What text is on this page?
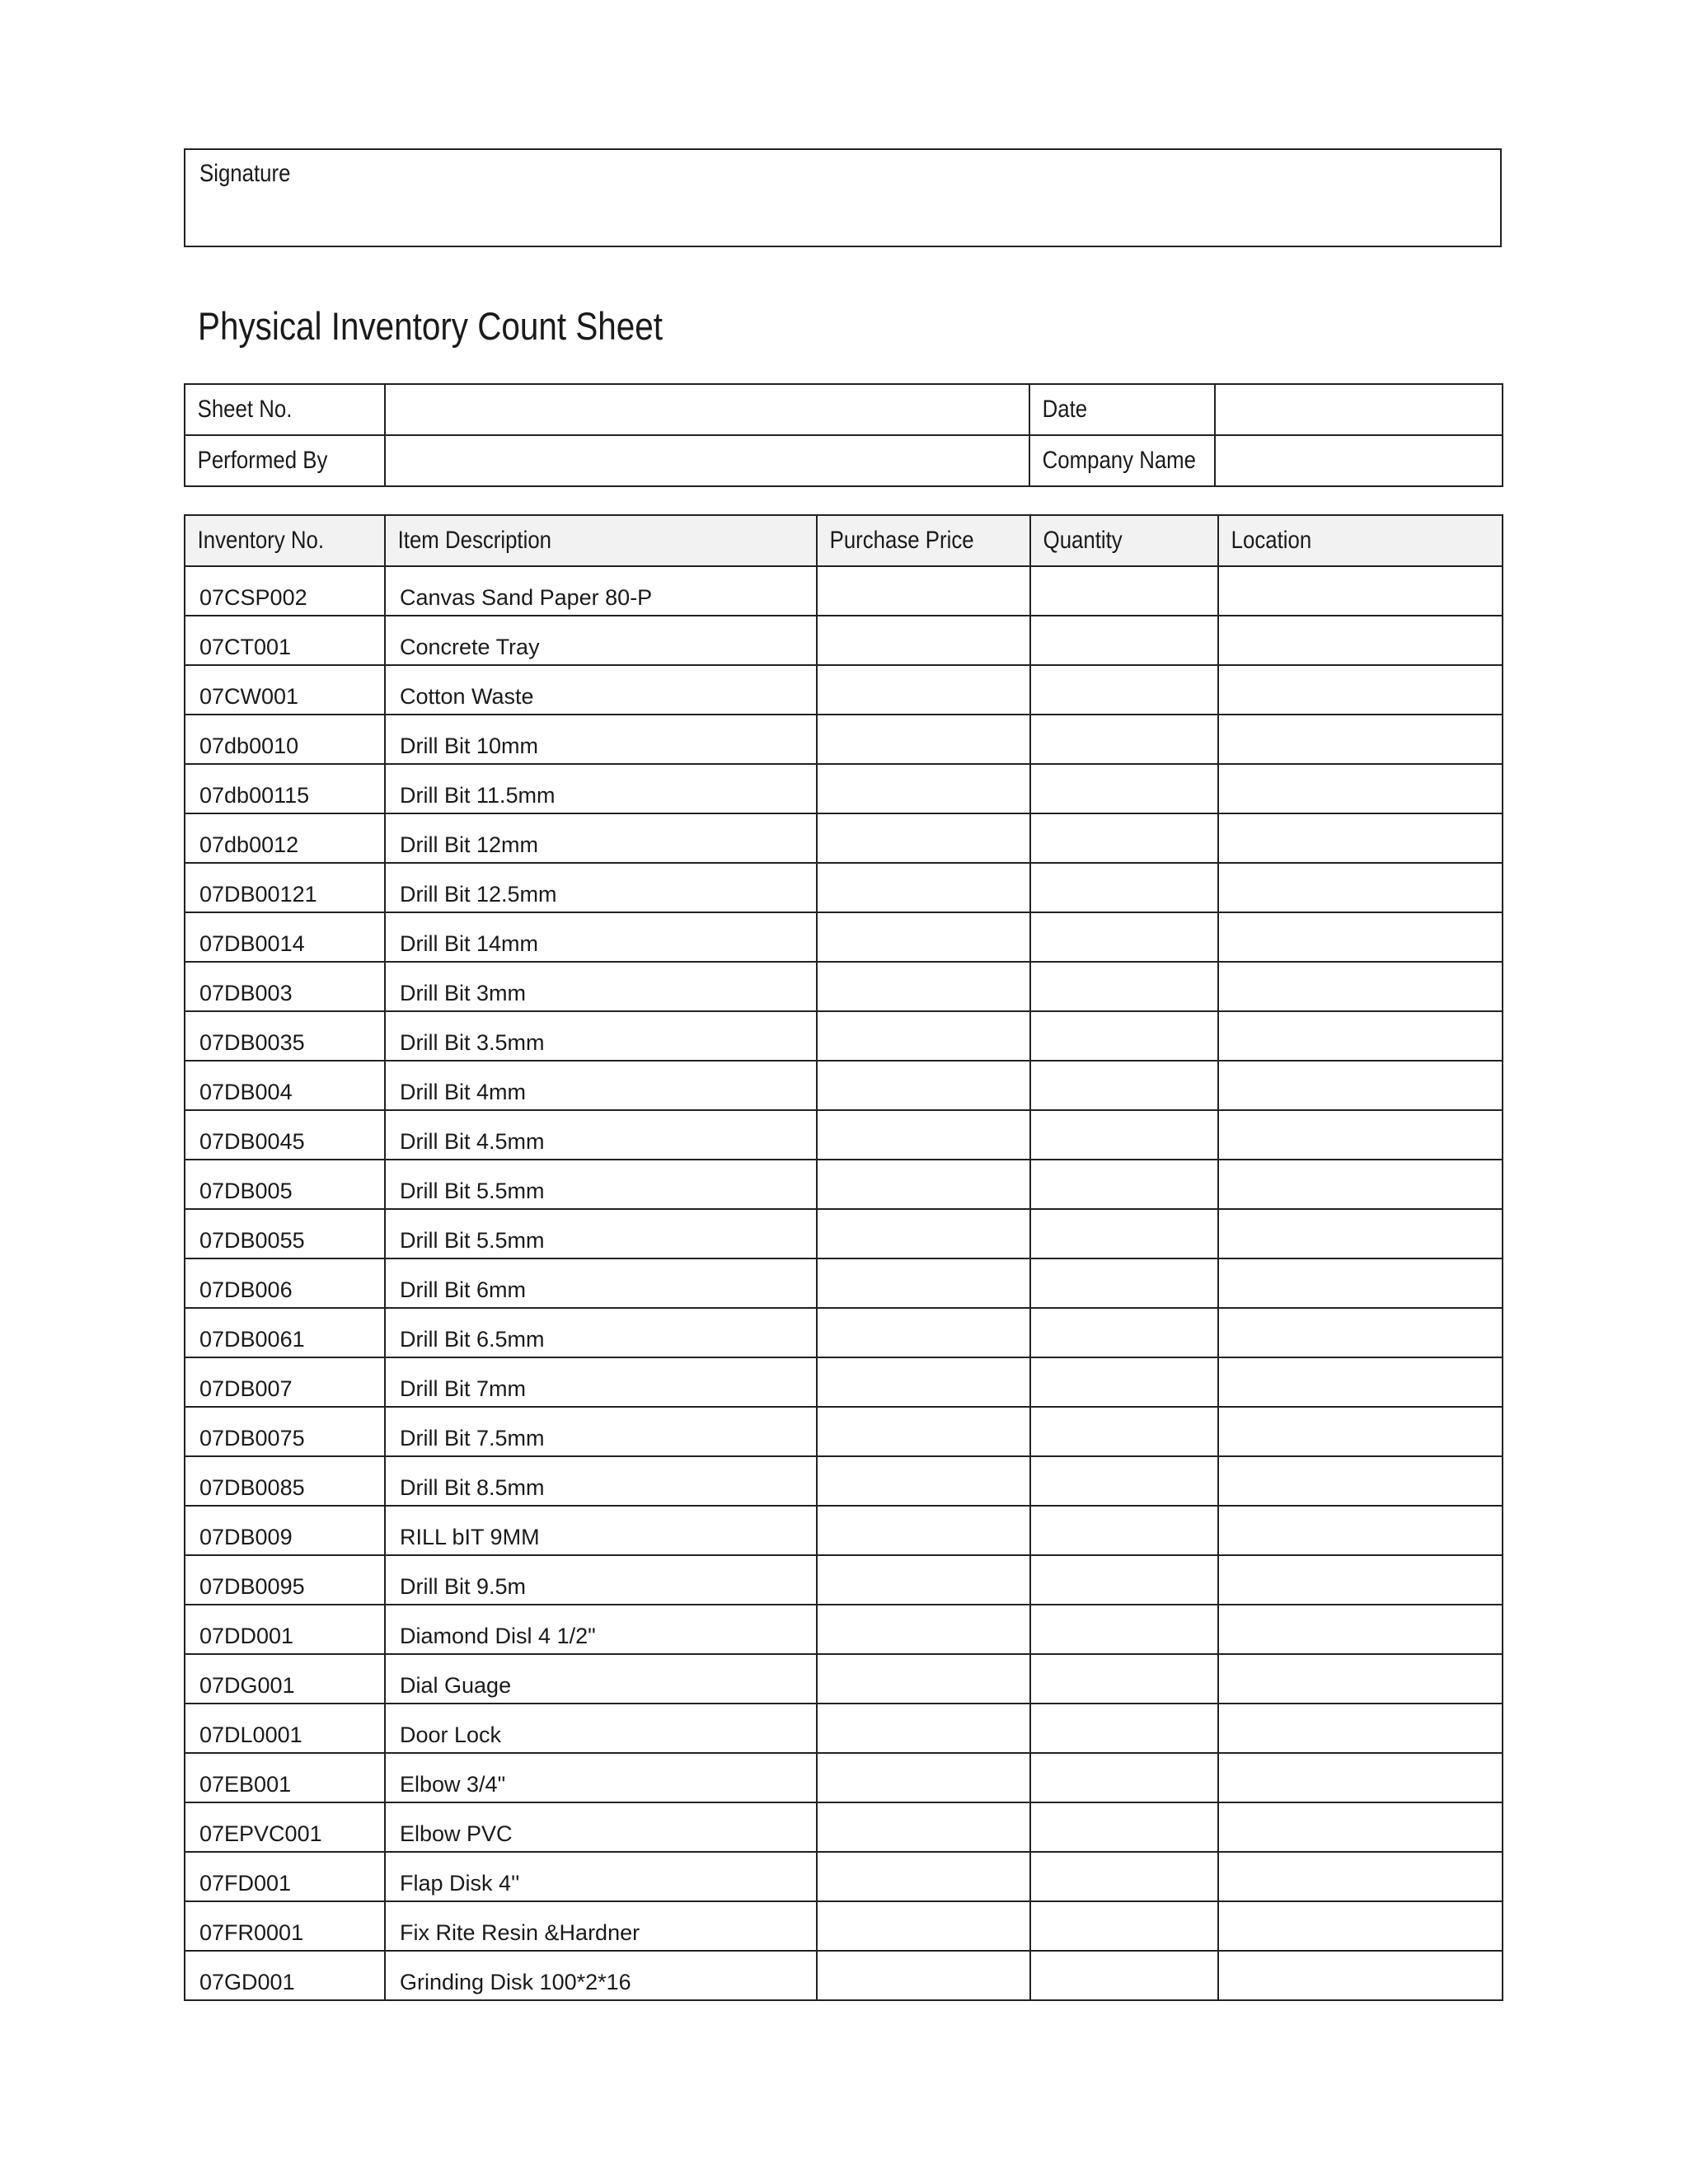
Signature
Physical Inventory Count Sheet
Sheet No.		Date	
Performed By		Company Name	
Inventory No.	Item Description	Purchase Price	Quantity	Location

07CSP002	Canvas Sand Paper 80-P			

07CT001	Concrete Tray			

07CW001	Cotton Waste			

07db0010	Drill Bit 10mm			

07db00115	Drill Bit 11.5mm			

07db0012	Drill Bit 12mm			

07DB00121	Drill Bit 12.5mm			

07DB0014	Drill Bit 14mm			

07DB003	Drill Bit 3mm			

07DB0035	Drill Bit 3.5mm			

07DB004	Drill Bit 4mm			

07DB0045	Drill Bit 4.5mm			

07DB005	Drill Bit 5.5mm			

07DB0055	Drill Bit 5.5mm			

07DB006	Drill Bit 6mm			

07DB0061	Drill Bit 6.5mm			

07DB007	Drill Bit 7mm			

07DB0075	Drill Bit 7.5mm			

07DB0085	Drill Bit 8.5mm			

07DB009	RILL bIT 9MM			

07DB0095	Drill Bit 9.5m			

07DD001	Diamond Disl 4 1/2"			

07DG001	Dial Guage			

07DL0001	Door Lock			

07EB001	Elbow 3/4"			

07EPVC001	Elbow PVC			

07FD001	Flap Disk 4''			

07FR0001	Fix Rite Resin &Hardner			

07GD001	Grinding Disk 100*2*16			
